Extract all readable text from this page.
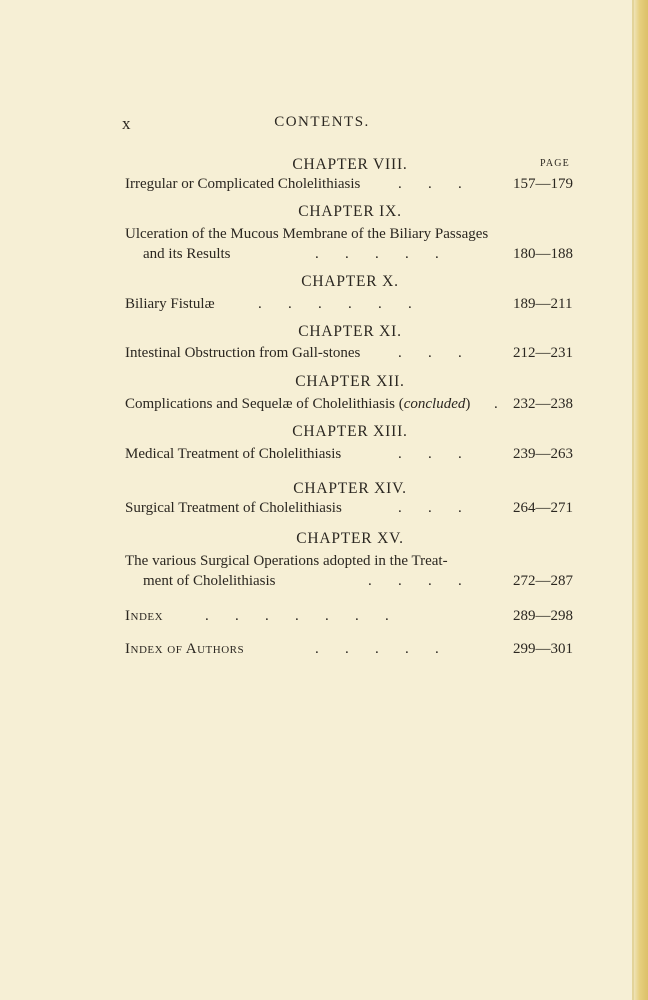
x	CONTENTS.
PAGE
CHAPTER VIII.
Irregular or Complicated Cholelithiasis	.       .       .	157—179
CHAPTER IX.
Ulceration of the Mucous Membrane of the Biliary Passages
and its Results	.       .       .       .       .	180—188
CHAPTER X.
Biliary Fistulæ	.       .       .       .       .       .	189—211
CHAPTER XI.
Intestinal Obstruction from Gall-stones	.       .       .	212—231
CHAPTER XII.
Complications and Sequelæ of Cholelithiasis (concluded) . 232—238
CHAPTER XIII.
Medical Treatment of Cholelithiasis	.       .       .	239—263
CHAPTER XIV.
Surgical Treatment of Cholelithiasis	.       .       .	264—271
CHAPTER XV.
The various Surgical Operations adopted in the Treat-
ment of Cholelithiasis	.       .       .       .	272—287
Index	.       .       .       .       .       .       .	289—298
Index of Authors	.       .       .       .       .	299—301
